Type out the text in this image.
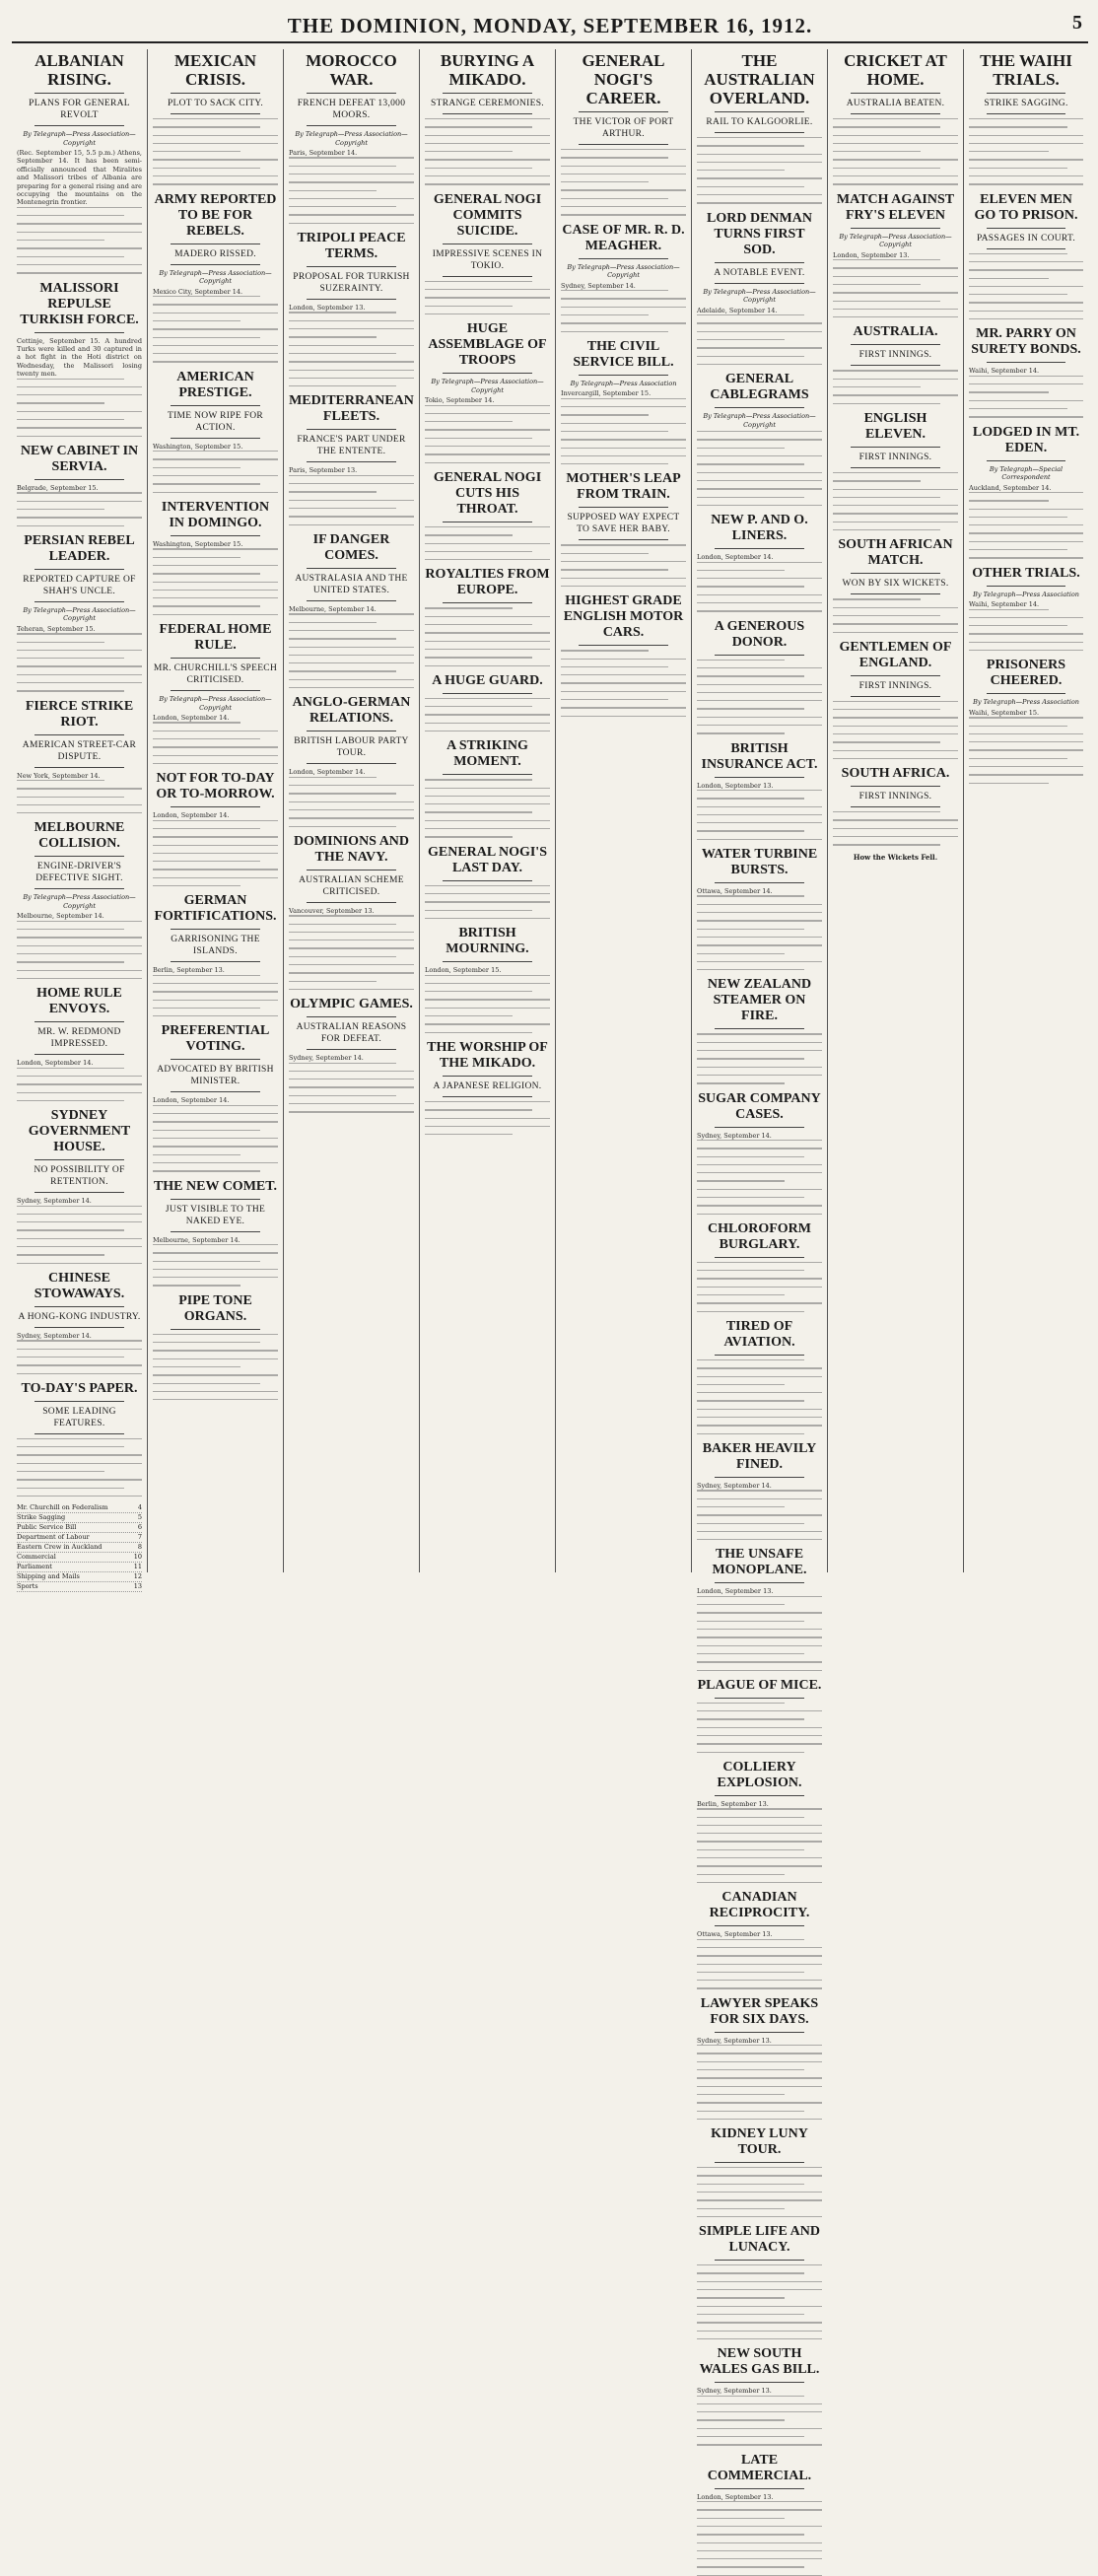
THE DOMINION, MONDAY, SEPTEMBER 16, 1912.	5
ALBANIAN RISING.
PLANS FOR GENERAL REVOLT
By Telegraph—Press Association—Copyright

(Rec. September 15, 5.5 p.m.) Athens, September 14. It has been semi-officially announced that Miralites and Malissori tribes of Albania are preparing for a general rising and are occupying the mountains on the Montenegrin frontier.

MALISSORI REPULSE TURKISH FORCE.

Cettinje, September 15. A hundred Turks were killed and 30 captured in a hot fight in the Hoti district on Wednesday, the Malissori losing twenty men.

NEW CABINET IN SERVIA.

Belgrade, September 15.

PERSIAN REBEL LEADER.
REPORTED CAPTURE OF SHAH'S UNCLE.
By Telegraph—Press Association—Copyright

Teheran, September 15.

FIERCE STRIKE RIOT.
AMERICAN STREET-CAR DISPUTE.

New York, September 14.

MELBOURNE COLLISION.
ENGINE-DRIVER'S DEFECTIVE SIGHT.
By Telegraph—Press Association—Copyright

Melbourne, September 14.

HOME RULE ENVOYS.
MR. W. REDMOND IMPRESSED.

London, September 14.

SYDNEY GOVERNMENT HOUSE.
NO POSSIBILITY OF RETENTION.

Sydney, September 14.

CHINESE STOWAWAYS.
A HONG-KONG INDUSTRY.

Sydney, September 14.

TO-DAY'S PAPER.
SOME LEADING FEATURES.
Mr. Churchill on Federalism	4
Strike Sagging	5
Public Service Bill	6
Department of Labour	7
Eastern Crew in Auckland	8
Commercial	10
Parliament	11
Shipping and Mails	12
Sports	13
MEXICAN CRISIS.
PLOT TO SACK CITY.
ARMY REPORTED TO BE FOR REBELS.
MADERO RISSED.
By Telegraph—Press Association—Copyright

Mexico City, September 14.

AMERICAN PRESTIGE.
TIME NOW RIPE FOR ACTION.

Washington, September 15.

INTERVENTION IN DOMINGO.

Washington, September 15.

FEDERAL HOME RULE.
MR. CHURCHILL'S SPEECH CRITICISED.
By Telegraph—Press Association—Copyright

London, September 14.

NOT FOR TO-DAY OR TO-MORROW.

London, September 14.

GERMAN FORTIFICATIONS.
GARRISONING THE ISLANDS.

Berlin, September 13.

PREFERENTIAL VOTING.
ADVOCATED BY BRITISH MINISTER.

London, September 14.

THE NEW COMET.
JUST VISIBLE TO THE NAKED EYE.

Melbourne, September 14.

PIPE TONE ORGANS.
MOROCCO WAR.
FRENCH DEFEAT 13,000 MOORS.
By Telegraph—Press Association—Copyright

Paris, September 14.

TRIPOLI PEACE TERMS.
PROPOSAL FOR TURKISH SUZERAINTY.

London, September 13.

MEDITERRANEAN FLEETS.
FRANCE'S PART UNDER THE ENTENTE.

Paris, September 13.

IF DANGER COMES.
AUSTRALASIA AND THE UNITED STATES.

Melbourne, September 14.

ANGLO-GERMAN RELATIONS.
BRITISH LABOUR PARTY TOUR.

London, September 14.

DOMINIONS AND THE NAVY.
AUSTRALIAN SCHEME CRITICISED.

Vancouver, September 13.

OLYMPIC GAMES.
AUSTRALIAN REASONS FOR DEFEAT.

Sydney, September 14.

BURYING A MIKADO.
STRANGE CEREMONIES.
GENERAL NOGI COMMITS SUICIDE.
IMPRESSIVE SCENES IN TOKIO.
HUGE ASSEMBLAGE OF TROOPS
By Telegraph—Press Association—Copyright

Tokio, September 14.

GENERAL NOGI CUTS HIS THROAT.
ROYALTIES FROM EUROPE.
A HUGE GUARD.
A STRIKING MOMENT.
GENERAL NOGI'S LAST DAY.
BRITISH MOURNING.

London, September 15.

THE WORSHIP OF THE MIKADO.
A JAPANESE RELIGION.
GENERAL NOGI'S CAREER.
THE VICTOR OF PORT ARTHUR.
CASE OF MR. R. D. MEAGHER.
By Telegraph—Press Association—Copyright

Sydney, September 14.

THE CIVIL SERVICE BILL.
By Telegraph—Press Association

Invercargill, September 15.

MOTHER'S LEAP FROM TRAIN.
SUPPOSED WAY EXPECT TO SAVE HER BABY.
HIGHEST GRADE ENGLISH MOTOR CARS.
THE AUSTRALIAN OVERLAND.
RAIL TO KALGOORLIE.
LORD DENMAN TURNS FIRST SOD.
A NOTABLE EVENT.
By Telegraph—Press Association—Copyright

Adelaide, September 14.

GENERAL CABLEGRAMS
By Telegraph—Press Association—Copyright
NEW P. AND O. LINERS.

London, September 14.

A GENEROUS DONOR.
BRITISH INSURANCE ACT.

London, September 13.

WATER TURBINE BURSTS.

Ottawa, September 14.

NEW ZEALAND STEAMER ON FIRE.
SUGAR COMPANY CASES.

Sydney, September 14.

CHLOROFORM BURGLARY.
TIRED OF AVIATION.
BAKER HEAVILY FINED.

Sydney, September 14.

THE UNSAFE MONOPLANE.

London, September 13.

PLAGUE OF MICE.
COLLIERY EXPLOSION.

Berlin, September 13.

CANADIAN RECIPROCITY.

Ottawa, September 13.

LAWYER SPEAKS FOR SIX DAYS.

Sydney, September 13.

KIDNEY LUNY TOUR.
SIMPLE LIFE AND LUNACY.
NEW SOUTH WALES GAS BILL.

Sydney, September 13.

LATE COMMERCIAL.

London, September 13.

CRICKET AT HOME.
AUSTRALIA BEATEN.
MATCH AGAINST FRY'S ELEVEN
By Telegraph—Press Association—Copyright

London, September 13.

AUSTRALIA.
FIRST INNINGS.
ENGLISH ELEVEN.
FIRST INNINGS.
SOUTH AFRICAN MATCH.
WON BY SIX WICKETS.
GENTLEMEN OF ENGLAND.
FIRST INNINGS.
SOUTH AFRICA.
FIRST INNINGS.
How the Wickets Fell.
THE WAIHI TRIALS.
STRIKE SAGGING.
ELEVEN MEN GO TO PRISON.
PASSAGES IN COURT.
MR. PARRY ON SURETY BONDS.

Waihi, September 14.

LODGED IN MT. EDEN.
By Telegraph—Special Correspondent

Auckland, September 14.

OTHER TRIALS.
By Telegraph—Press Association

Waihi, September 14.

PRISONERS CHEERED.
By Telegraph—Press Association

Waihi, September 15.
